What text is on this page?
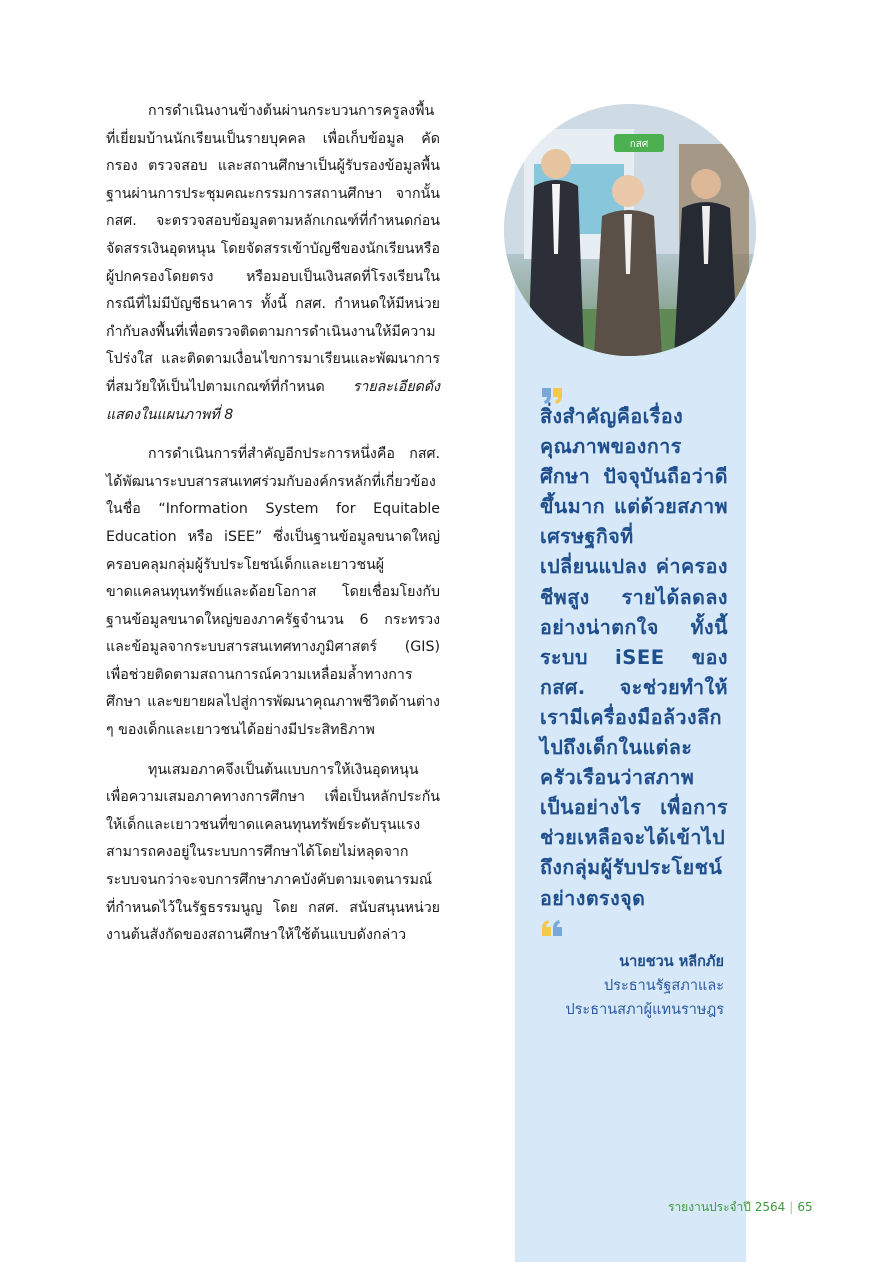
การดำเนินงานข้างต้นผ่านกระบวนการครูลงพื้นที่เยี่ยมบ้านนักเรียนเป็นรายบุคคล เพื่อเก็บข้อมูล คัดกรอง ตรวจสอบ และสถานศึกษาเป็นผู้รับรองข้อมูลพื้นฐานผ่านการประชุมคณะกรรมการสถานศึกษา จากนั้น กสศ. จะตรวจสอบข้อมูลตามหลักเกณฑ์ที่กำหนดก่อนจัดสรรเงินอุดหนุน โดยจัดสรรเข้าบัญชีของนักเรียนหรือผู้ปกครองโดยตรง หรือมอบเป็นเงินสดที่โรงเรียนในกรณีที่ไม่มีบัญชีธนาคาร ทั้งนี้ กสศ. กำหนดให้มีหน่วยกำกับลงพื้นที่เพื่อตรวจติดตามการดำเนินงานให้มีความโปร่งใส และติดตามเงื่อนไขการมาเรียนและพัฒนาการที่สมวัยให้เป็นไปตามเกณฑ์ที่กำหนด รายละเอียดดังแสดงในแผนภาพที่ 8

การดำเนินการที่สำคัญอีกประการหนึ่งคือ กสศ. ได้พัฒนาระบบสารสนเทศร่วมกับองค์กรหลักที่เกี่ยวข้องในชื่อ “Information System for Equitable Education หรือ iSEE” ซึ่งเป็นฐานข้อมูลขนาดใหญ่ครอบคลุมกลุ่มผู้รับประโยชน์เด็กและเยาวชนผู้ขาดแคลนทุนทรัพย์และด้อยโอกาส โดยเชื่อมโยงกับฐานข้อมูลขนาดใหญ่ของภาครัฐจำนวน 6 กระทรวง และข้อมูลจากระบบสารสนเทศทางภูมิศาสตร์ (GIS) เพื่อช่วยติดตามสถานการณ์ความเหลื่อมล้ำทางการศึกษา และขยายผลไปสู่การพัฒนาคุณภาพชีวิตด้านต่าง ๆ ของเด็กและเยาวชนได้อย่างมีประสิทธิภาพ

ทุนเสมอภาคจึงเป็นต้นแบบการให้เงินอุดหนุนเพื่อความเสมอภาคทางการศึกษา เพื่อเป็นหลักประกันให้เด็กและเยาวชนที่ขาดแคลนทุนทรัพย์ระดับรุนแรงสามารถคงอยู่ในระบบการศึกษาได้โดยไม่หลุดจากระบบจนกว่าจะจบการศึกษาภาคบังคับตามเจตนารมณ์ที่กำหนดไว้ในรัฐธรรมนูญ โดย กสศ. สนับสนุนหน่วยงานต้นสังกัดของสถานศึกษาให้ใช้ต้นแบบดังกล่าว

กสศ
สิ่งสำคัญคือเรื่องคุณภาพของการศึกษา ปัจจุบันถือว่าดีขึ้นมาก แต่ด้วยสภาพเศรษฐกิจที่เปลี่ยนแปลง ค่าครองชีพสูง รายได้ลดลงอย่างน่าตกใจ ทั้งนี้ ระบบ iSEE ของ กสศ. จะช่วยทำให้เรามีเครื่องมือล้วงลึกไปถึงเด็กในแต่ละครัวเรือนว่าสภาพเป็นอย่างไร เพื่อการช่วยเหลือจะได้เข้าไปถึงกลุ่มผู้รับประโยชน์อย่างตรงจุด
นายชวน หลีกภัย
ประธานรัฐสภาและ
ประธานสภาผู้แทนราษฎร
รายงานประจำปี 2564 | 65
